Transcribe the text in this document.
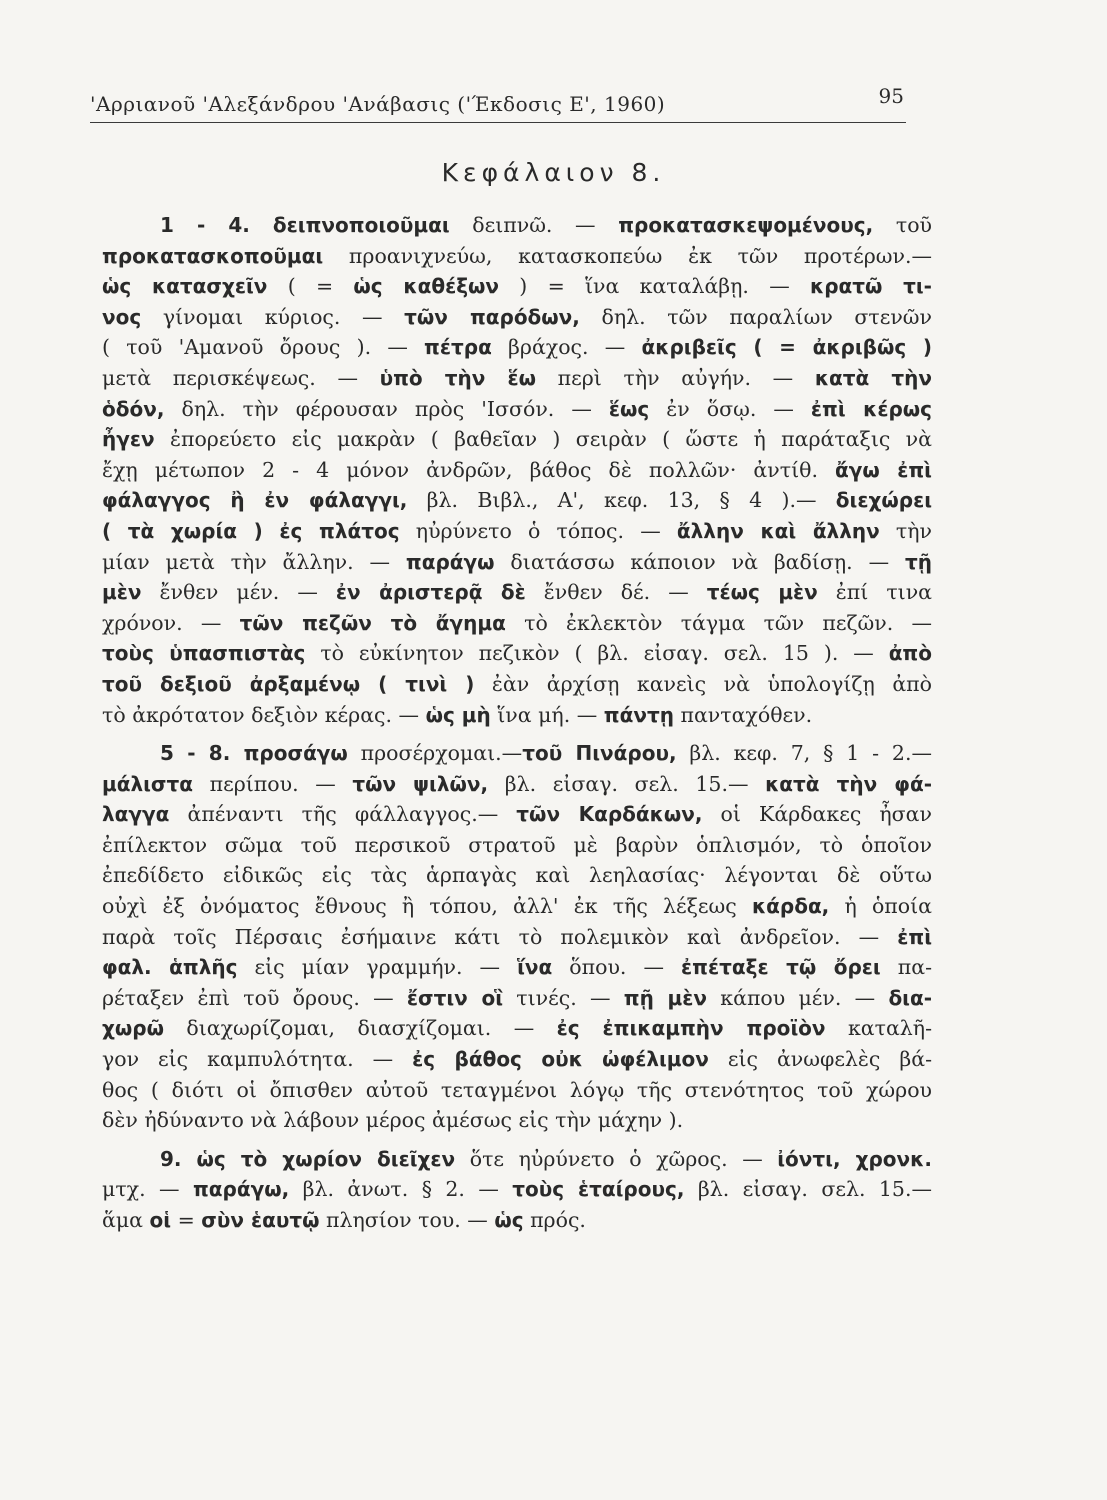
'Αρριανοῦ 'Αλεξάνδρου 'Ανάβασις ('Έκδοσις Ε', 1960)	95
Κεφάλαιον 8.
1 - 4. δειπνοποιοῦμαι δειπνῶ. — προκατασκεψομένους, τοῦ
προκατασκοποῦμαι προανιχνεύω, κατασκοπεύω ἐκ τῶν προτέρων.—
ὡς κατασχεῖν ( = ὡς καθέξων ) = ἵνα καταλάβῃ. — κρατῶ τι-
νος γίνομαι κύριος. — τῶν παρόδων, δηλ. τῶν παραλίων στενῶν
( τοῦ 'Αμανοῦ ὄρους ). — πέτρα βράχος. — ἀκριβεῖς ( = ἀκριβῶς )
μετὰ περισκέψεως. — ὑπὸ τὴν ἕω περὶ τὴν αὐγήν. — κατὰ τὴν
ὁδόν, δηλ. τὴν φέρουσαν πρὸς 'Ισσόν. — ἕως ἐν ὅσῳ. — ἐπὶ κέρως
ἦγεν ἐπορεύετο εἰς μακρὰν ( βαθεῖαν ) σειρὰν ( ὥστε ἡ παράταξις νὰ
ἔχῃ μέτωπον 2 - 4 μόνον ἀνδρῶν, βάθος δὲ πολλῶν· ἀντίθ. ἄγω ἐπὶ
φάλαγγος ἢ ἐν φάλαγγι, βλ. Βιβλ., Α', κεφ. 13, § 4 ).— διεχώρει
( τὰ χωρία ) ἐς πλάτος ηὐρύνετο ὁ τόπος. — ἄλλην καὶ ἄλλην τὴν
μίαν μετὰ τὴν ἄλλην. — παράγω διατάσσω κάποιον νὰ βαδίσῃ. — τῇ
μὲν ἔνθεν μέν. — ἐν ἀριστερᾷ δὲ ἔνθεν δέ. — τέως μὲν ἐπί τινα
χρόνον. — τῶν πεζῶν τὸ ἄγημα τὸ ἐκλεκτὸν τάγμα τῶν πεζῶν. —
τοὺς ὑπασπιστὰς τὸ εὐκίνητον πεζικὸν ( βλ. εἰσαγ. σελ. 15 ). — ἀπὸ
τοῦ δεξιοῦ ἀρξαμένῳ ( τινὶ ) ἐὰν ἀρχίσῃ κανεὶς νὰ ὑπολογίζῃ ἀπὸ
τὸ ἀκρότατον δεξιὸν κέρας. — ὡς μὴ ἵνα μή. — πάντῃ πανταχόθεν.
5 - 8. προσάγω προσέρχομαι.—τοῦ Πινάρου, βλ. κεφ. 7, § 1 - 2.—
μάλιστα περίπου. — τῶν ψιλῶν, βλ. εἰσαγ. σελ. 15.— κατὰ τὴν φά-
λαγγα ἀπέναντι τῆς φάλλαγγος.— τῶν Καρδάκων, οἱ Κάρδακες ἦσαν
ἐπίλεκτον σῶμα τοῦ περσικοῦ στρατοῦ μὲ βαρὺν ὁπλισμόν, τὸ ὁποῖον
ἐπεδίδετο εἰδικῶς εἰς τὰς ἁρπαγὰς καὶ λεηλασίας· λέγονται δὲ οὕτω
οὐχὶ ἐξ ὀνόματος ἔθνους ἢ τόπου, ἀλλ' ἐκ τῆς λέξεως κάρδα, ἡ ὁποία
παρὰ τοῖς Πέρσαις ἐσήμαινε κάτι τὸ πολεμικὸν καὶ ἀνδρεῖον. — ἐπὶ
φαλ. ἁπλῆς εἰς μίαν γραμμήν. — ἵνα ὅπου. — ἐπέταξε τῷ ὄρει πα-
ρέταξεν ἐπὶ τοῦ ὄρους. — ἔστιν οἳ τινές. — πῇ μὲν κάπου μέν. — δια-
χωρῶ διαχωρίζομαι, διασχίζομαι. — ἐς ἐπικαμπὴν προϊὸν καταλῆ-
γον εἰς καμπυλότητα. — ἐς βάθος οὐκ ὠφέλιμον εἰς ἀνωφελὲς βά-
θος ( διότι οἱ ὄπισθεν αὐτοῦ τεταγμένοι λόγῳ τῆς στενότητος τοῦ χώρου
δὲν ἠδύναντο νὰ λάβουν μέρος ἀμέσως εἰς τὴν μάχην ).
9. ὡς τὸ χωρίον διεῖχεν ὅτε ηὐρύνετο ὁ χῶρος. — ἰόντι, χρονκ.
μτχ. — παράγω, βλ. ἀνωτ. § 2. — τοὺς ἑταίρους, βλ. εἰσαγ. σελ. 15.—
ἅμα οἱ = σὺν ἑαυτῷ πλησίον του. — ὡς πρός.
